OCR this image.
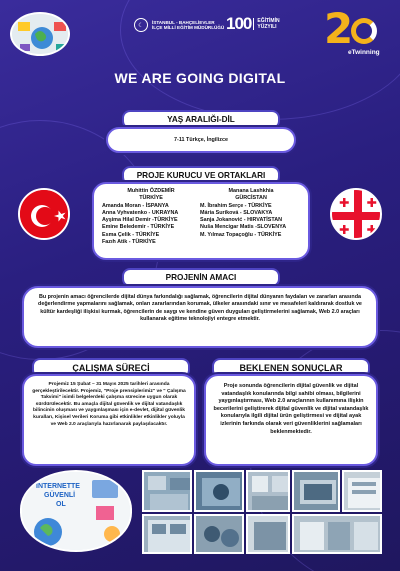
☾
İSTANBUL - BAHÇELİEVLER
İLÇE MİLLİ EĞİTİM MÜDÜRLÜĞÜ 100 EĞİTİMİN
YÜZYILI 2
eTwinning
WE ARE GOING DIGITAL
YAŞ ARALIĞI-DİL
7-11 Türkçe, İngilizce
PROJE KURUCU VE ORTAKLARI
Muhittin ÖZDEMİR
TÜRKİYE
Amanda Moran - İSPANYA
Anna Vyhvatenko - UKRAYNA
Ayşima Hilal Demir -TÜRKİYE
Emine Beledemir - TÜRKİYE
Esma Çelik - TÜRKİYE
Fazıh Atik - TÜRKİYE
Manana Lashkhia
GÜRCİSTAN
M. İbrahim Serçe - TÜRKİYE
Mária Suríková - SLOVAKYA
Sanja Jokanović - HIRVATİSTAN
Nuša Mencigar Matis -SLOVENYA
M. Yılmaz Topaçoğlu - TÜRKİYE
PROJENİN AMACI
Bu projenin amacı öğrencilerde dijital dünya farkındalığı sağlamak, öğrencilerin dijital dünyanın faydaları ve zararları arasında değerlendirme yapmalarını sağlamak, onları zararlarından korumak, ülkeler arasındaki sınır ve mesafeleri kaldırarak dostluk ve kültür kardeşliği ilişkisi kurmak, öğrencilerin de saygı ve kendine güven duyguları geliştirmelerini sağlamak, Web 2.0 araçları kullanarak eğitime teknolojiyi entegre etmektir.
ÇALIŞMA SÜRECİ
Projemiz 15 Şubat – 31 Mayıs 2025 tarihleri arasında gerçekleştirilecektir. Projemiz, "Proje prensiplerimiz" ve " Çalışma Takvimi" isimli belgelerdeki çalışma sürecine uygun olarak sürdürülecektir. Bu amaçla dijital güvenlik ve dijital vatandaşlık bilincinin oluşması ve yaygınlaşması için e-devlet, dijital güvenlik kuralları, Kişisel Verileri Koruma gibi etkinlikler etkinlikler yoluyla ve Web 2.0 araçlarıyla hazırlanarak paylaşılacaktır.
BEKLENEN SONUÇLAR
Proje sonunda öğrencilerin dijital güvenlik ve dijital vatandaşlık konularında bilgi sahibi olması, bilgilerini yaygınlaştırması, Web 2.0 araçlarının kullanımına ilişkin becerilerini geliştirerek dijital güvenlik ve dijital vatandaşlık konularıyla ilgili dijital ürün geliştirmesi ve dijital ayak izlerinin farkında olarak veri güvenliklerini sağlamaları beklenmektedir.
İNTERNETTE
GÜVENLİ
OL
